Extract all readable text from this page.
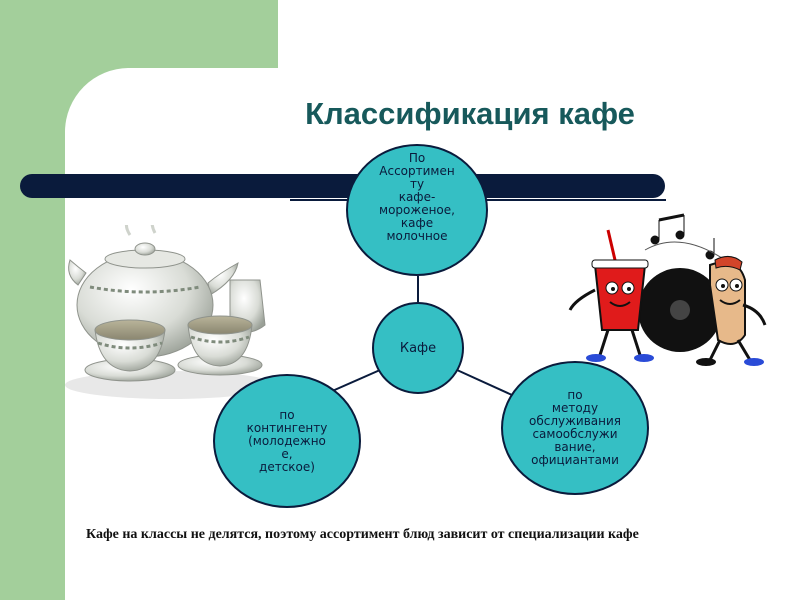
Классификация кафе
По
Ассортимен
ту
кафе-
мороженое,
кафе
молочное
Кафе
по
контингенту
(молодежно
е,
детское)
по
методу
обслуживания
самообслужи
вание,
официантами

Кафе на классы не делятся, поэтому ассортимент блюд зависит от специализации кафе
